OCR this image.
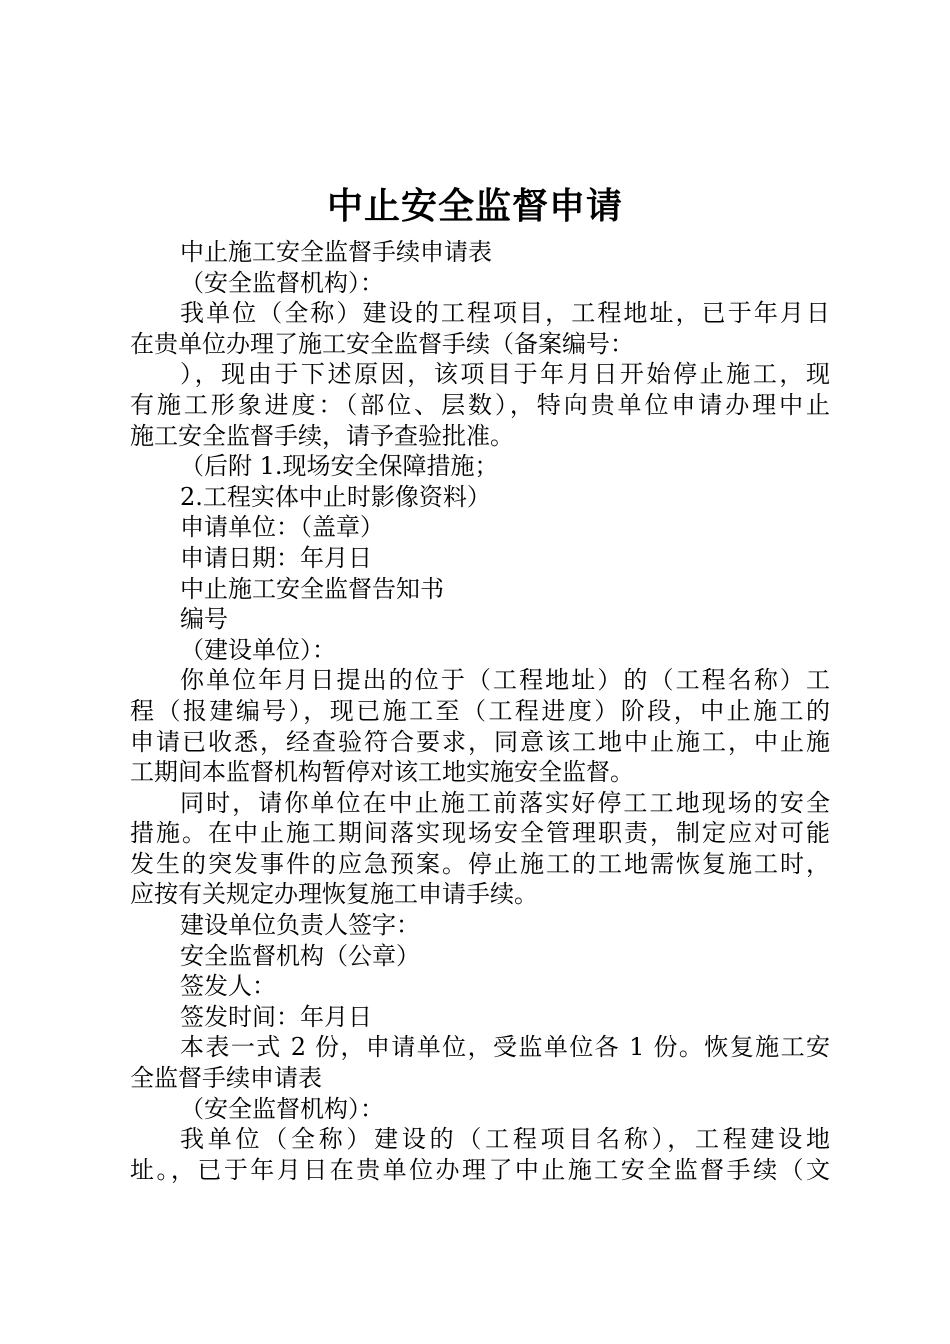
中止安全监督申请
中止施工安全监督手续申请表
（安全监督机构）：
我单位（全称）建设的工程项目，工程地址，已于年月日
在贵单位办理了施工安全监督手续（备案编号：
），现由于下述原因，该项目于年月日开始停止施工，现
有施工形象进度：（部位、层数），特向贵单位申请办理中止
施工安全监督手续，请予查验批准。
（后附 1.现场安全保障措施；
2.工程实体中止时影像资料）
申请单位：（盖章）
申请日期：年月日
中止施工安全监督告知书
编号
（建设单位）：
你单位年月日提出的位于（工程地址）的（工程名称）工
程（报建编号），现已施工至（工程进度）阶段，中止施工的
申请已收悉，经查验符合要求，同意该工地中止施工，中止施
工期间本监督机构暂停对该工地实施安全监督。
同时，请你单位在中止施工前落实好停工工地现场的安全
措施。在中止施工期间落实现场安全管理职责，制定应对可能
发生的突发事件的应急预案。停止施工的工地需恢复施工时，
应按有关规定办理恢复施工申请手续。
建设单位负责人签字：
安全监督机构（公章）
签发人：
签发时间：年月日
本表一式 2 份，申请单位，受监单位各 1 份。恢复施工安
全监督手续申请表
（安全监督机构）：
我单位（全称）建设的（工程项目名称），工程建设地
址。，已于年月日在贵单位办理了中止施工安全监督手续（文
